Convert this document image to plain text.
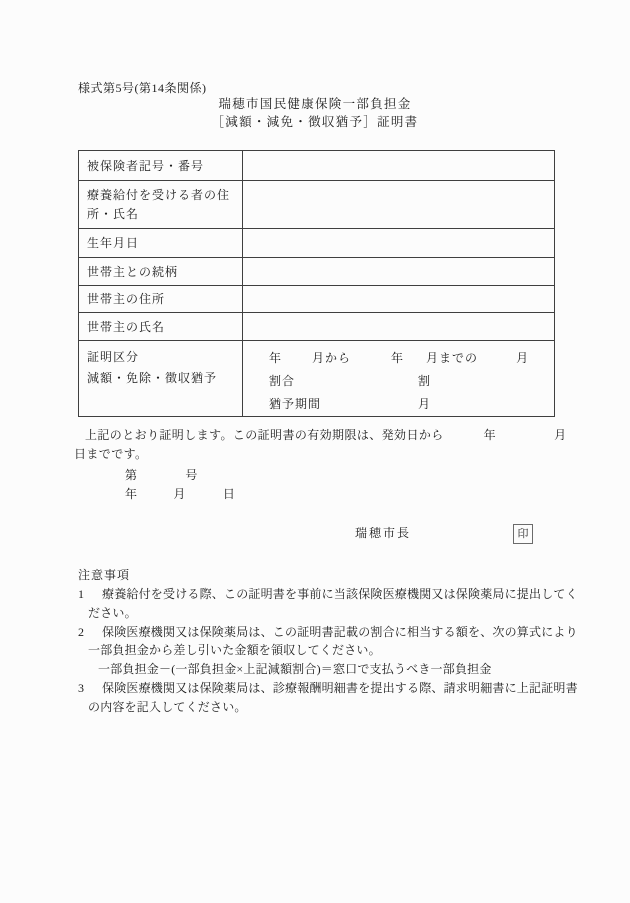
様式第5号(第14条関係)
瑞穂市国民健康保険一部負担金
［減額・減免・徴収猶予］証明書
被保険者記号・番号	

療養給付を受ける者の住
所・氏名	

生年月日	

世帯主との続柄	

世帯主の住所	

世帯主の氏名	

証明区分
減額・免除・徴収猶予

年	月から	年 月までの	月
割合	割
猶予期間	月
上記のとおり証明します。この証明書の有効期限は、発効日から	年	月
日までです。
第	号
年	月	日
瑞穂市長	印
注意事項
1 療養給付を受ける際、この証明書を事前に当該保険医療機関又は保険薬局に提出してく
ださい。
2 保険医療機関又は保険薬局は、この証明書記載の割合に相当する額を、次の算式により
一部負担金から差し引いた金額を領収してください。
一部負担金－(一部負担金×上記減額割合)＝窓口で支払うべき一部負担金
3 保険医療機関又は保険薬局は、診療報酬明細書を提出する際、請求明細書に上記証明書
の内容を記入してください。
